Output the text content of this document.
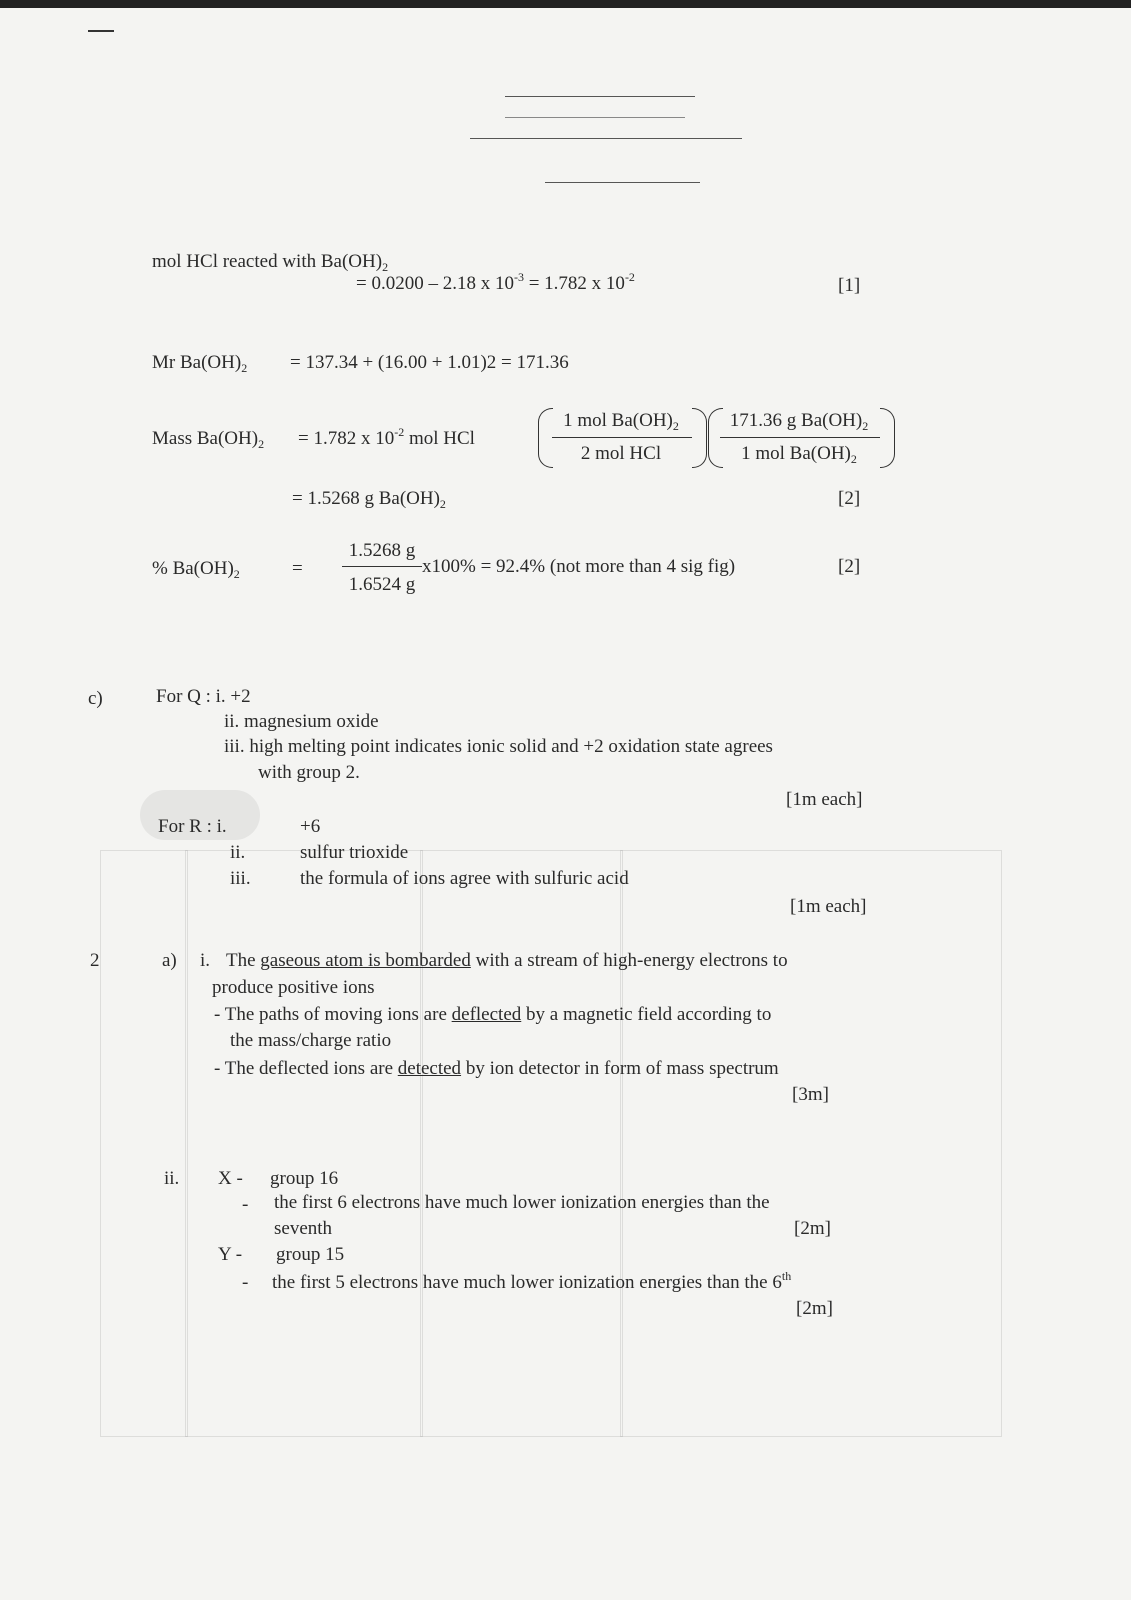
mol HCl reacted with $Ba(OH)_2$
= 0.0200 – 2.18 x $10^{-3} = 1.782$ x $10^{-2}$	[1]
Mr $Ba(OH)_2 = 137.34 + (16.00 + 1.01)2 = 171.36$
Mass $Ba(OH)_2 = 1.782$ x $10^{-2}$ mol HCl
1 mol $Ba(OH)_2$
2 mol HCl
171.36 g $Ba(OH)_2$
1 mol $Ba(OH)_2$
= 1.5268 g $Ba(OH)_2$	[2]
% $Ba(OH)_2$	=
1.5268 g
1.6524 g
x100% = 92.4% (not more than 4 sig fig)	[2]
c)	For Q : i. +2
ii. magnesium oxide
iii. high melting point indicates ionic solid and +2 oxidation state agrees
with group 2.
[1m each]
For R : i.	+6
ii.	sulfur trioxide
iii.	the formula of ions agree with sulfuric acid
[1m each]
2	a) i. The gaseous atom is bombarded with a stream of high-energy electrons to
produce positive ions
- The paths of moving ions are deflected by a magnetic field according to
the mass/charge ratio
- The deflected ions are detected by ion detector in form of mass spectrum
[3m]
ii. X - group 16
- the first 6 electrons have much lower ionization energies than the
seventh	[2m]
Y - group 15
- the first 5 electrons have much lower ionization energies than the 6th
[2m]
